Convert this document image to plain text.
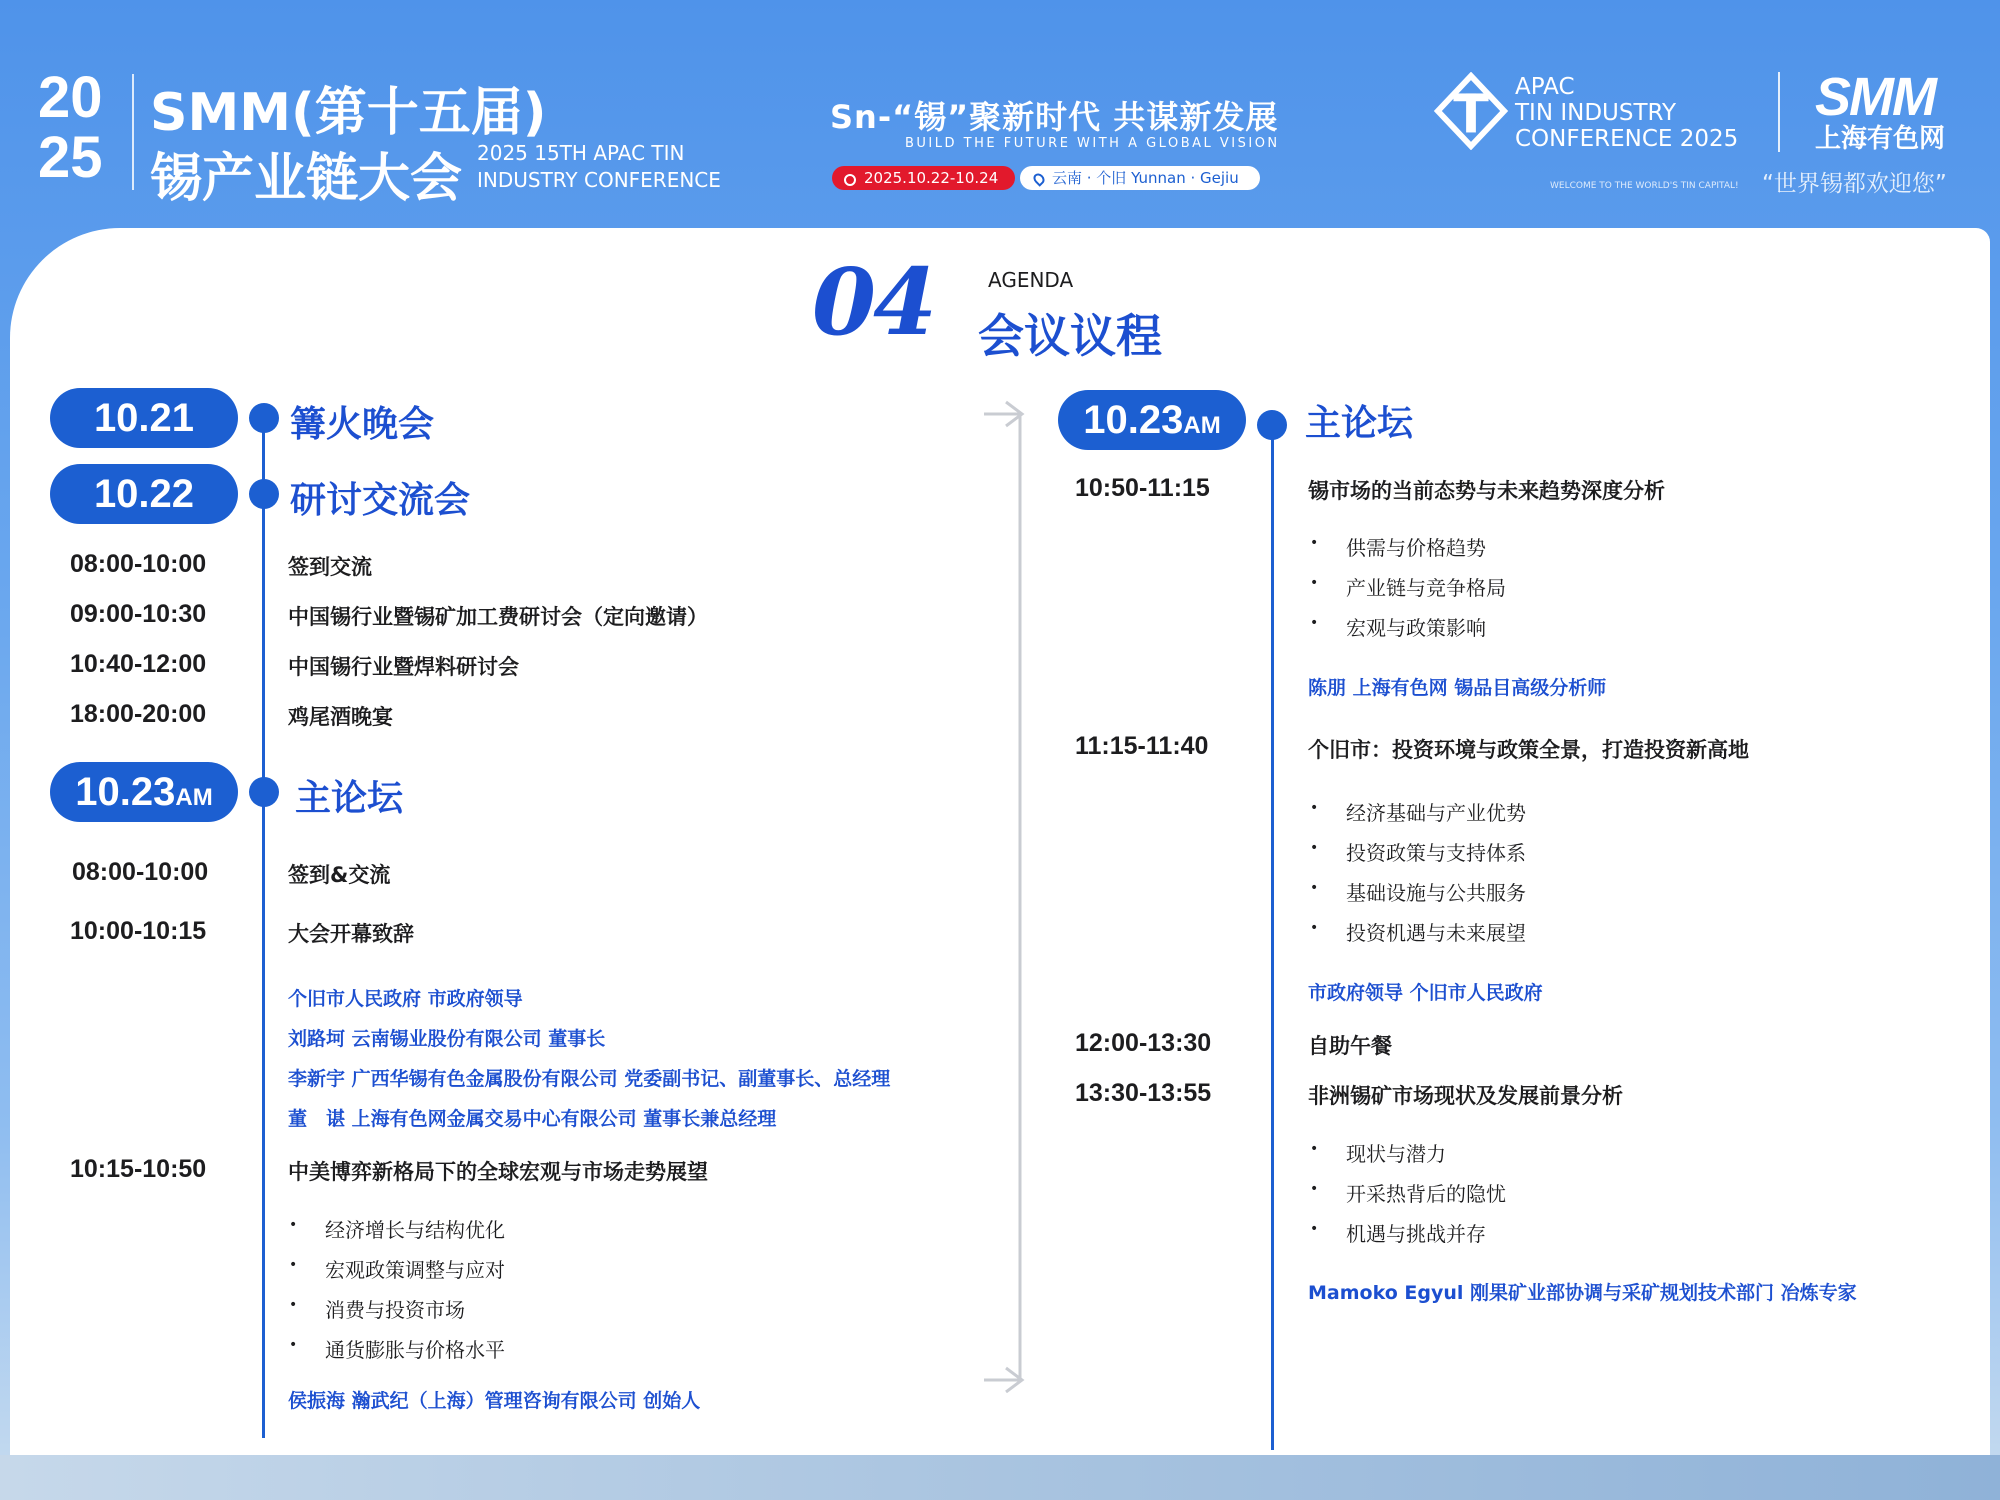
20
25
SMM(第十五届)
锡产业链大会 2025 15TH APAC TIN
INDUSTRY CONFERENCE
Sn-“锡”聚新时代 共谋新发展
BUILD THE FUTURE WITH A GLOBAL VISION
2025.10.22-10.24	云南 · 个旧 Yunnan · Gejiu
APAC
TIN INDUSTRY
CONFERENCE 2025
SMM
上海有色网
WELCOME TO THE WORLD'S TIN CAPITAL! “世界锡都欢迎您”
04	AGENDA
会议议程
10.21	篝火晚会
10.22	研讨交流会
08:00-10:00	签到交流
09:00-10:30	中国锡行业暨锡矿加工费研讨会（定向邀请）
10:40-12:00	中国锡行业暨焊料研讨会
18:00-20:00	鸡尾酒晚宴
10.23AM	主论坛
08:00-10:00	签到&交流
10:00-10:15	大会开幕致辞
个旧市人民政府 市政府领导
刘路坷 云南锡业股份有限公司 董事长
李新宇 广西华锡有色金属股份有限公司 党委副书记、副董事长、总经理
董　谌 上海有色网金属交易中心有限公司 董事长兼总经理
10:15-10:50	中美博弈新格局下的全球宏观与市场走势展望
• 经济增长与结构优化
• 宏观政策调整与应对
• 消费与投资市场
• 通货膨胀与价格水平
侯振海 瀚武纪（上海）管理咨询有限公司 创始人
10.23AM	主论坛
10:50-11:15	锡市场的当前态势与未来趋势深度分析
• 供需与价格趋势
• 产业链与竞争格局
• 宏观与政策影响
陈朋 上海有色网 锡品目高级分析师
11:15-11:40	个旧市：投资环境与政策全景，打造投资新高地
• 经济基础与产业优势
• 投资政策与支持体系
• 基础设施与公共服务
• 投资机遇与未来展望
市政府领导 个旧市人民政府
12:00-13:30	自助午餐
13:30-13:55	非洲锡矿市场现状及发展前景分析
• 现状与潜力
• 开采热背后的隐忧
• 机遇与挑战并存
Mamoko Egyul 刚果矿业部协调与采矿规划技术部门 冶炼专家
